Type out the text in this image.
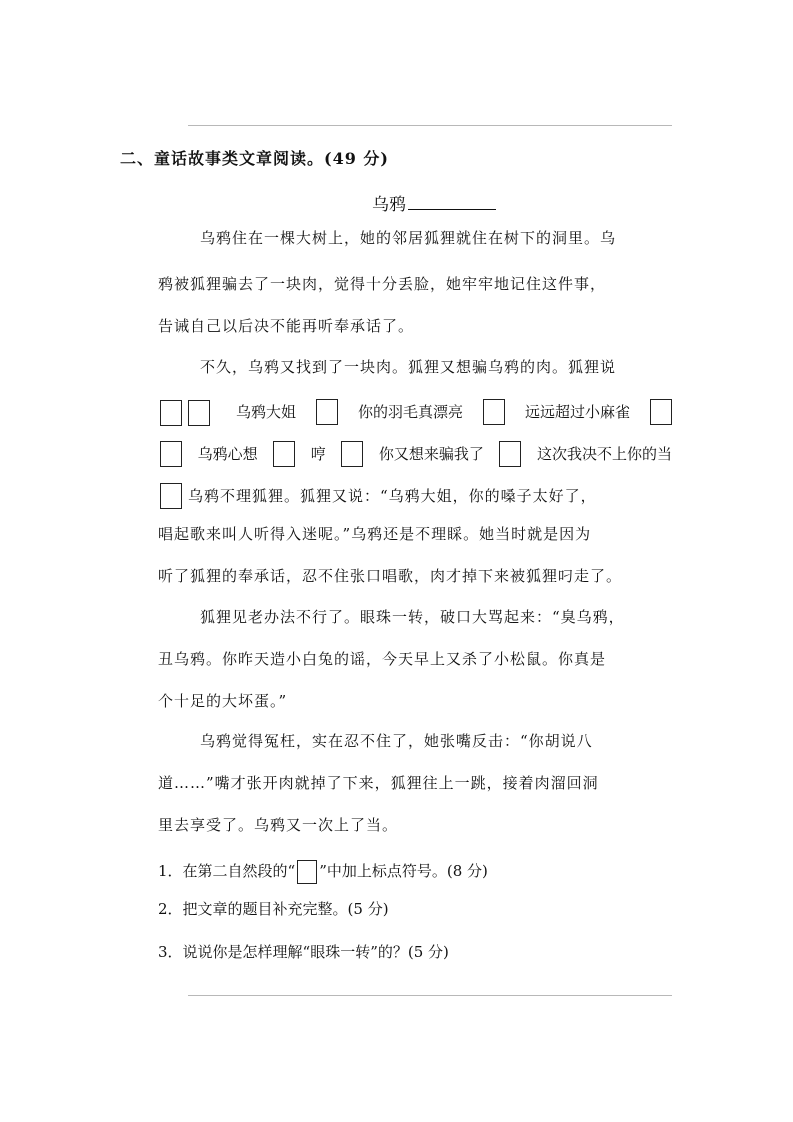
二、童话故事类文章阅读。(49 分)
乌鸦
乌鸦住在一棵大树上，她的邻居狐狸就住在树下的洞里。乌
鸦被狐狸骗去了一块肉，觉得十分丢脸，她牢牢地记住这件事，
告诫自己以后决不能再听奉承话了。
不久，乌鸦又找到了一块肉。狐狸又想骗乌鸦的肉。狐狸说
乌鸦大姐	你的羽毛真漂亮	远远超过小麻雀
乌鸦心想	哼	你又想来骗我了	这次我决不上你的当
乌鸦不理狐狸。狐狸又说：“乌鸦大姐，你的嗓子太好了，
唱起歌来叫人听得入迷呢。”乌鸦还是不理睬。她当时就是因为
听了狐狸的奉承话，忍不住张口唱歌，肉才掉下来被狐狸叼走了。
狐狸见老办法不行了。眼珠一转，破口大骂起来：“臭乌鸦，
丑乌鸦。你昨天造小白兔的谣，今天早上又杀了小松鼠。你真是
个十足的大坏蛋。”
乌鸦觉得冤枉，实在忍不住了，她张嘴反击：“你胡说八
道……”嘴才张开肉就掉了下来，狐狸往上一跳，接着肉溜回洞
里去享受了。乌鸦又一次上了当。
1．在第二自然段的“ ”中加上标点符号。(8 分)
2．把文章的题目补充完整。(5 分)
3．说说你是怎样理解“眼珠一转”的？(5 分)
